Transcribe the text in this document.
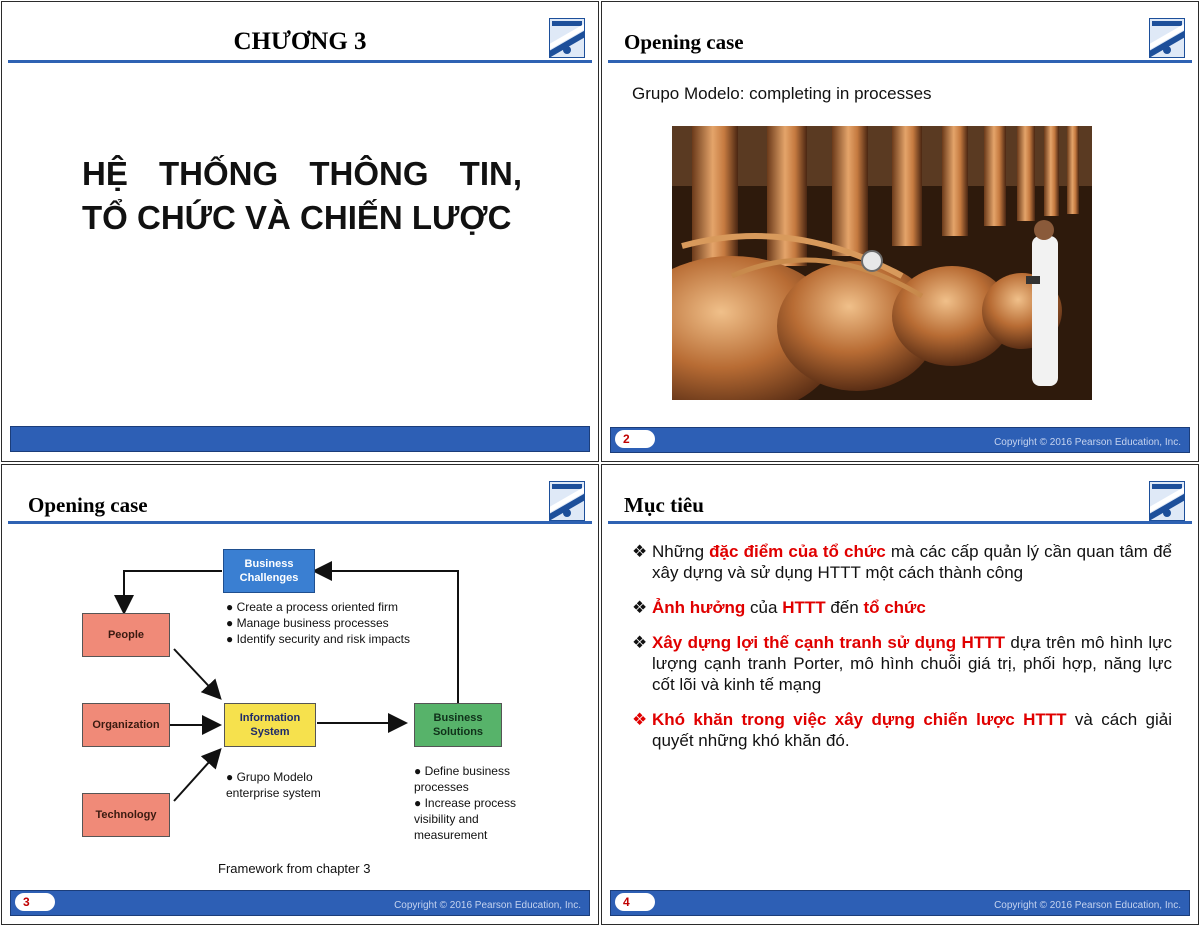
CHƯƠNG 3
HỆ THỐNG THÔNG TIN,
TỔ CHỨC VÀ CHIẾN LƯỢC
Opening case
Grupo Modelo: completing in processes
2	Copyright © 2016 Pearson Education, Inc.
Opening case
Business Challenges
People
Organization
Technology
Information System
Business Solutions
● Create a process oriented firm
● Manage business processes
● Identify security and risk impacts
● Grupo Modelo enterprise system
● Define business processes
● Increase process visibility and measurement
Framework from chapter 3
3	Copyright © 2016 Pearson Education, Inc.
Mục tiêu
❖ Những đặc điểm của tổ chức mà các cấp quản lý cần quan tâm để xây dựng và sử dụng HTTT một cách thành công
❖ Ảnh hưởng của HTTT đến tổ chức
❖ Xây dựng lợi thế cạnh tranh sử dụng HTTT dựa trên mô hình lực lượng cạnh tranh Porter, mô hình chuỗi giá trị, phối hợp, năng lực cốt lõi và kinh tế mạng
❖ Khó khăn trong việc xây dựng chiến lược HTTT và cách giải quyết những khó khăn đó.
4	Copyright © 2016 Pearson Education, Inc.
